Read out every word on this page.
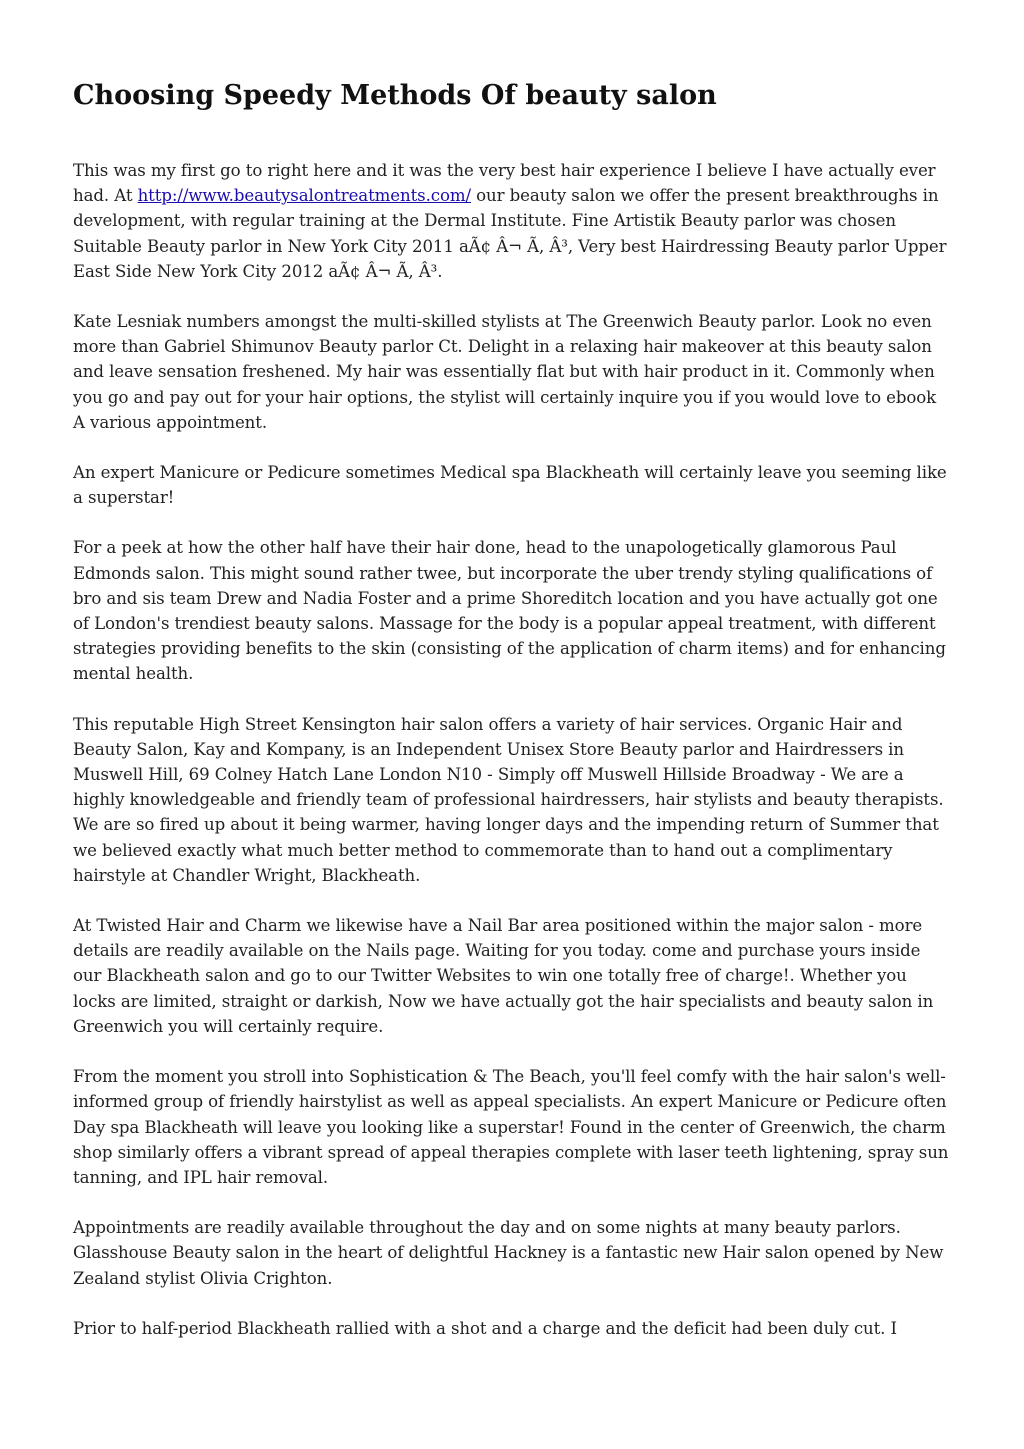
Choosing Speedy Methods Of beauty salon

This was my first go to right here and it was the very best hair experience I believe I have actually ever had. At http://www.beautysalontreatments.com/ our beauty salon we offer the present breakthroughs in development, with regular training at the Dermal Institute. Fine Artistik Beauty parlor was chosen Suitable Beauty parlor in New York City 2011 aÃ¢ Â¬ Ã, Â³, Very best Hairdressing Beauty parlor Upper East Side New York City 2012 aÃ¢ Â¬ Ã, Â³.

Kate Lesniak numbers amongst the multi-skilled stylists at The Greenwich Beauty parlor. Look no even more than Gabriel Shimunov Beauty parlor Ct. Delight in a relaxing hair makeover at this beauty salon and leave sensation freshened. My hair was essentially flat but with hair product in it. Commonly when you go and pay out for your hair options, the stylist will certainly inquire you if you would love to ebook A various appointment.

An expert Manicure or Pedicure sometimes Medical spa Blackheath will certainly leave you seeming like a superstar!

For a peek at how the other half have their hair done, head to the unapologetically glamorous Paul Edmonds salon. This might sound rather twee, but incorporate the uber trendy styling qualifications of bro and sis team Drew and Nadia Foster and a prime Shoreditch location and you have actually got one of London's trendiest beauty salons. Massage for the body is a popular appeal treatment, with different strategies providing benefits to the skin (consisting of the application of charm items) and for enhancing mental health.

This reputable High Street Kensington hair salon offers a variety of hair services. Organic Hair and Beauty Salon, Kay and Kompany, is an Independent Unisex Store Beauty parlor and Hairdressers in Muswell Hill, 69 Colney Hatch Lane London N10 - Simply off Muswell Hillside Broadway - We are a highly knowledgeable and friendly team of professional hairdressers, hair stylists and beauty therapists. We are so fired up about it being warmer, having longer days and the impending return of Summer that we believed exactly what much better method to commemorate than to hand out a complimentary hairstyle at Chandler Wright, Blackheath.

At Twisted Hair and Charm we likewise have a Nail Bar area positioned within the major salon - more details are readily available on the Nails page. Waiting for you today. come and purchase yours inside our Blackheath salon and go to our Twitter Websites to win one totally free of charge!. Whether you locks are limited, straight or darkish, Now we have actually got the hair specialists and beauty salon in Greenwich you will certainly require.

From the moment you stroll into Sophistication & The Beach, you'll feel comfy with the hair salon's well-informed group of friendly hairstylist as well as appeal specialists. An expert Manicure or Pedicure often Day spa Blackheath will leave you looking like a superstar! Found in the center of Greenwich, the charm shop similarly offers a vibrant spread of appeal therapies complete with laser teeth lightening, spray sun tanning, and IPL hair removal.

Appointments are readily available throughout the day and on some nights at many beauty parlors. Glasshouse Beauty salon in the heart of delightful Hackney is a fantastic new Hair salon opened by New Zealand stylist Olivia Crighton.

Prior to half-period Blackheath rallied with a shot and a charge and the deficit had been duly cut. I
